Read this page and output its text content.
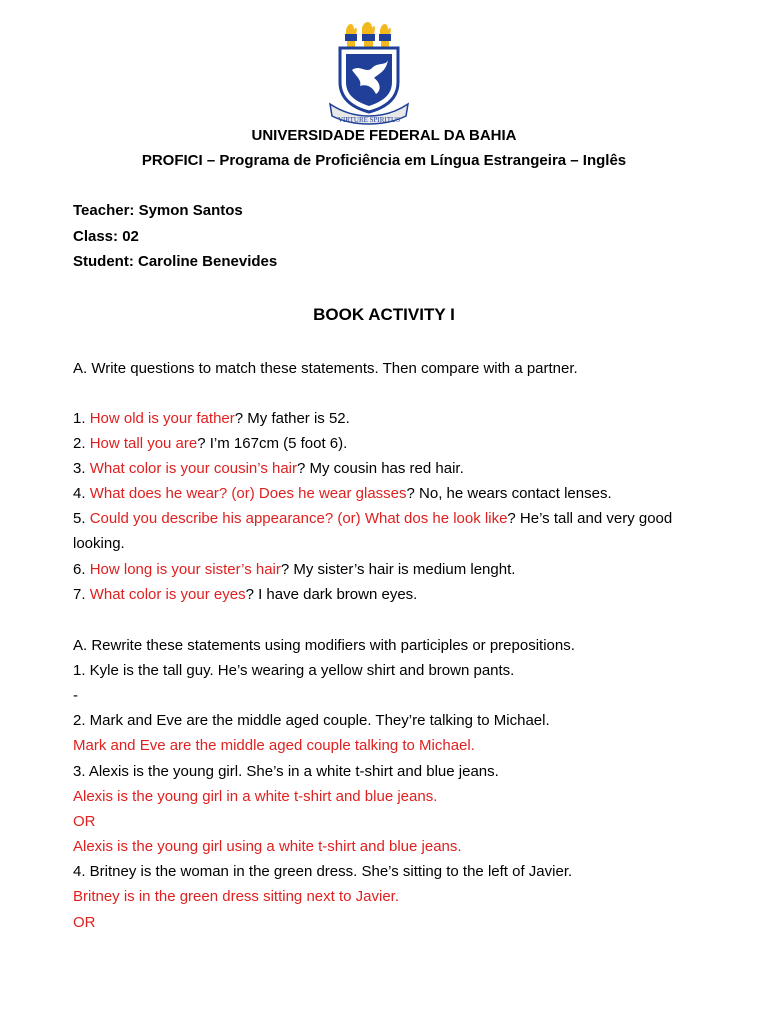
VIRTURE SPIRITUS
UNIVERSIDADE FEDERAL DA BAHIA
PROFICI – Programa de Proficiência em Língua Estrangeira – Inglês
Teacher: Symon Santos
Class: 02
Student: Caroline Benevides
BOOK ACTIVITY I
A. Write questions to match these statements. Then compare with a partner.
1. How old is your father? My father is 52.
2. How tall you are? I’m 167cm (5 foot 6).
3. What color is your cousin’s hair? My cousin has red hair.
4. What does he wear? (or) Does he wear glasses? No, he wears contact lenses.
5. Could you describe his appearance? (or) What dos he look like? He’s tall and very good looking.
6. How long is your sister’s hair? My sister’s hair is medium lenght.
7. What color is your eyes? I have dark brown eyes.
A. Rewrite these statements using modifiers with participles or prepositions.
1. Kyle is the tall guy. He’s wearing a yellow shirt and brown pants.
-
2. Mark and Eve are the middle aged couple. They’re talking to Michael.
Mark and Eve are the middle aged couple talking to Michael.
3. Alexis is the young girl. She’s in a white t-shirt and blue jeans.
Alexis is the young girl in a white t-shirt and blue jeans.
OR
Alexis is the young girl using a white t-shirt and blue jeans.
4. Britney is the woman in the green dress. She’s sitting to the left of Javier.
Britney is in the green dress sitting next to Javier.
OR
